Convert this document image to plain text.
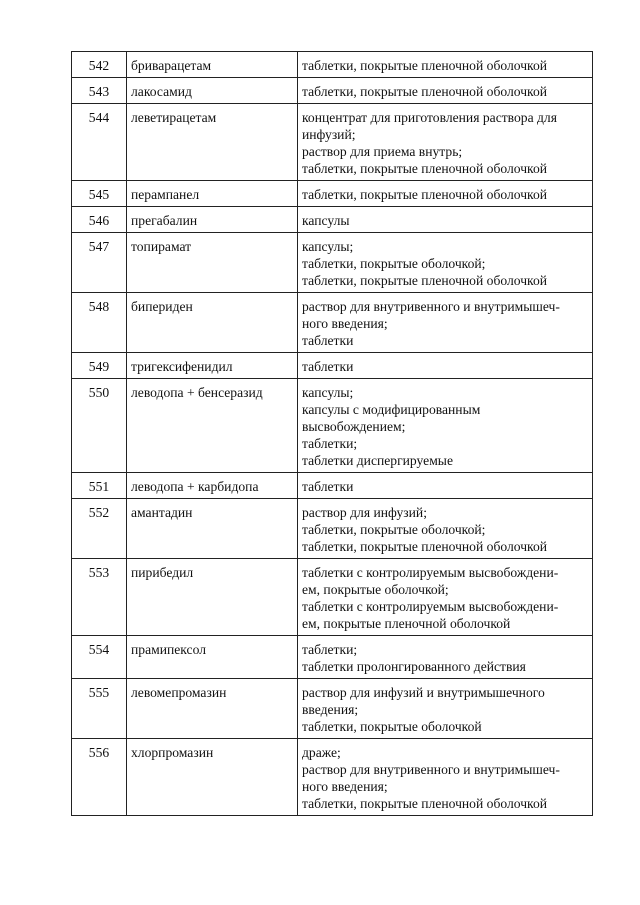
542	бриварацетам	таблетки, покрытые пленочной оболочкой

543	лакосамид	таблетки, покрытые пленочной оболочкой

544	леветирацетам	концентрат для приготовления раствора для
инфузий;
раствор для приема внутрь;
таблетки, покрытые пленочной оболочкой

545	перампанел	таблетки, покрытые пленочной оболочкой

546	прегабалин	капсулы

547	топирамат	капсулы;
таблетки, покрытые оболочкой;
таблетки, покрытые пленочной оболочкой

548	бипериден	раствор для внутривенного и внутримышеч-
ного введения;
таблетки

549	тригексифенидил	таблетки

550	леводопа + бенсеразид	капсулы;
капсулы с модифицированным
высвобождением;
таблетки;
таблетки диспергируемые

551	леводопа + карбидопа	таблетки

552	амантадин	раствор для инфузий;
таблетки, покрытые оболочкой;
таблетки, покрытые пленочной оболочкой

553	пирибедил	таблетки с контролируемым высвобождени-
ем, покрытые оболочкой;
таблетки с контролируемым высвобождени-
ем, покрытые пленочной оболочкой

554	прамипексол	таблетки;
таблетки пролонгированного действия

555	левомепромазин	раствор для инфузий и внутримышечного
введения;
таблетки, покрытые оболочкой

556	хлорпромазин	драже;
раствор для внутривенного и внутримышеч-
ного введения;
таблетки, покрытые пленочной оболочкой
